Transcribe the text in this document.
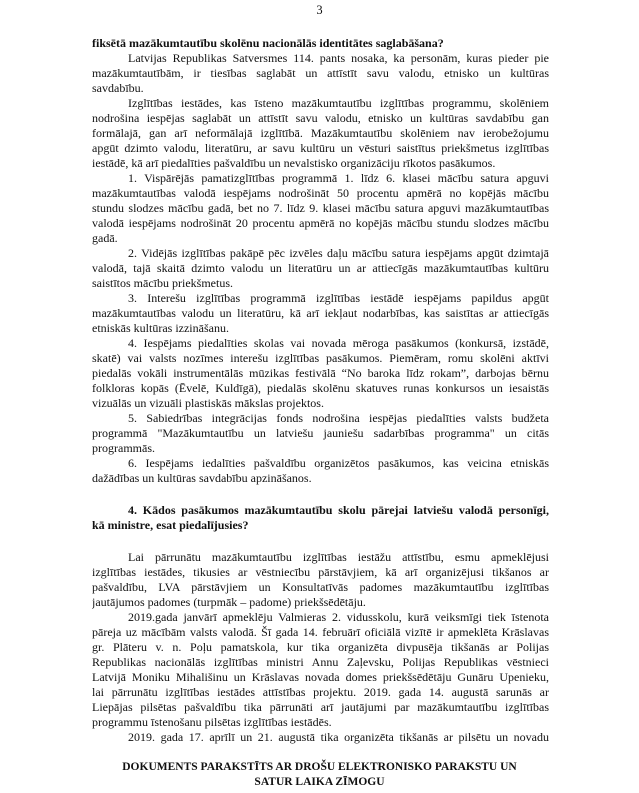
3
fiksētā mazākumtautību skolēnu nacionālās identitātes saglabāšana?
Latvijas Republikas Satversmes 114. pants nosaka, ka personām, kuras pieder pie
mazākumtautībām, ir tiesības saglabāt un attīstīt savu valodu, etnisko un kultūras
savdabību.
Izglītības iestādes, kas īsteno mazākumtautību izglītības programmu, skolēniem
nodrošina iespējas saglabāt un attīstīt savu valodu, etnisko un kultūras savdabību gan
formālajā, gan arī neformālajā izglītībā. Mazākumtautību skolēniem nav ierobežojumu
apgūt dzimto valodu, literatūru, ar savu kultūru un vēsturi saistītus priekšmetus izglītības
iestādē, kā arī piedalīties pašvaldību un nevalstisko organizāciju rīkotos pasākumos.
1. Vispārējās pamatizglītības programmā 1. līdz 6. klasei mācību satura apguvi
mazākumtautības valodā iespējams nodrošināt 50 procentu apmērā no kopējās mācību
stundu slodzes mācību gadā, bet no 7. līdz 9. klasei mācību satura apguvi mazākumtautības
valodā iespējams nodrošināt 20 procentu apmērā no kopējās mācību stundu slodzes mācību
gadā.
2. Vidējās izglītības pakāpē pēc izvēles daļu mācību satura iespējams apgūt dzimtajā
valodā, tajā skaitā dzimto valodu un literatūru un ar attiecīgās mazākumtautības kultūru
saistītos mācību priekšmetus.
3. Interešu izglītības programmā izglītības iestādē iespējams papildus apgūt
mazākumtautības valodu un literatūru, kā arī iekļaut nodarbības, kas saistītas ar attiecīgās
etniskās kultūras izzināšanu.
4. Iespējams piedalīties skolas vai novada mēroga pasākumos (konkursā, izstādē,
skatē) vai valsts nozīmes interešu izglītības pasākumos. Piemēram, romu skolēni aktīvi
piedalās vokāli instrumentālās mūzikas festivālā “No baroka līdz rokam”, darbojas bērnu
folkloras kopās (Ēvelē, Kuldīgā), piedalās skolēnu skatuves runas konkursos un iesaistās
vizuālās un vizuāli plastiskās mākslas projektos.
5. Sabiedrības integrācijas fonds nodrošina iespējas piedalīties valsts budžeta
programmā "Mazākumtautību un latviešu jauniešu sadarbības programma" un citās
programmās.
6. Iespējams iedalīties pašvaldību organizētos pasākumos, kas veicina etniskās
dažādības un kultūras savdabību apzināšanos.
4. Kādos pasākumos mazākumtautību skolu pārejai latviešu valodā personīgi,
kā ministre, esat piedalījusies?
Lai pārrunātu mazākumtautību izglītības iestāžu attīstību, esmu apmeklējusi
izglītības iestādes, tikusies ar vēstniecību pārstāvjiem, kā arī organizējusi tikšanos ar
pašvaldību, LVA pārstāvjiem un Konsultatīvās padomes mazākumtautību izglītības
jautājumos padomes (turpmāk – padome) priekšsēdētāju.
2019.gada janvārī apmeklēju Valmieras 2. vidusskolu, kurā veiksmīgi tiek īstenota
pāreja uz mācībām valsts valodā. Šī gada 14. februārī oficiālā vizītē ir apmeklēta Krāslavas
gr. Plāteru v. n. Poļu pamatskola, kur tika organizēta divpusēja tikšanās ar Polijas
Republikas nacionālās izglītības ministri Annu Zaļevsku, Polijas Republikas vēstnieci
Latvijā Moniku Mihališinu un Krāslavas novada domes priekšsēdētāju Gunāru Upenieku,
lai pārrunātu izglītības iestādes attīstības projektu. 2019. gada 14. augustā sarunās ar
Liepājas pilsētas pašvaldību tika pārrunāti arī jautājumi par mazākumtautību izglītības
programmu īstenošanu pilsētas izglītības iestādēs.
2019. gada 17. aprīlī un 21. augustā tika organizēta tikšanās ar pilsētu un novadu
DOKUMENTS PARAKSTĪTS AR DROŠU ELEKTRONISKO PARAKSTU UN
SATUR LAIKA ZĪMOGU
